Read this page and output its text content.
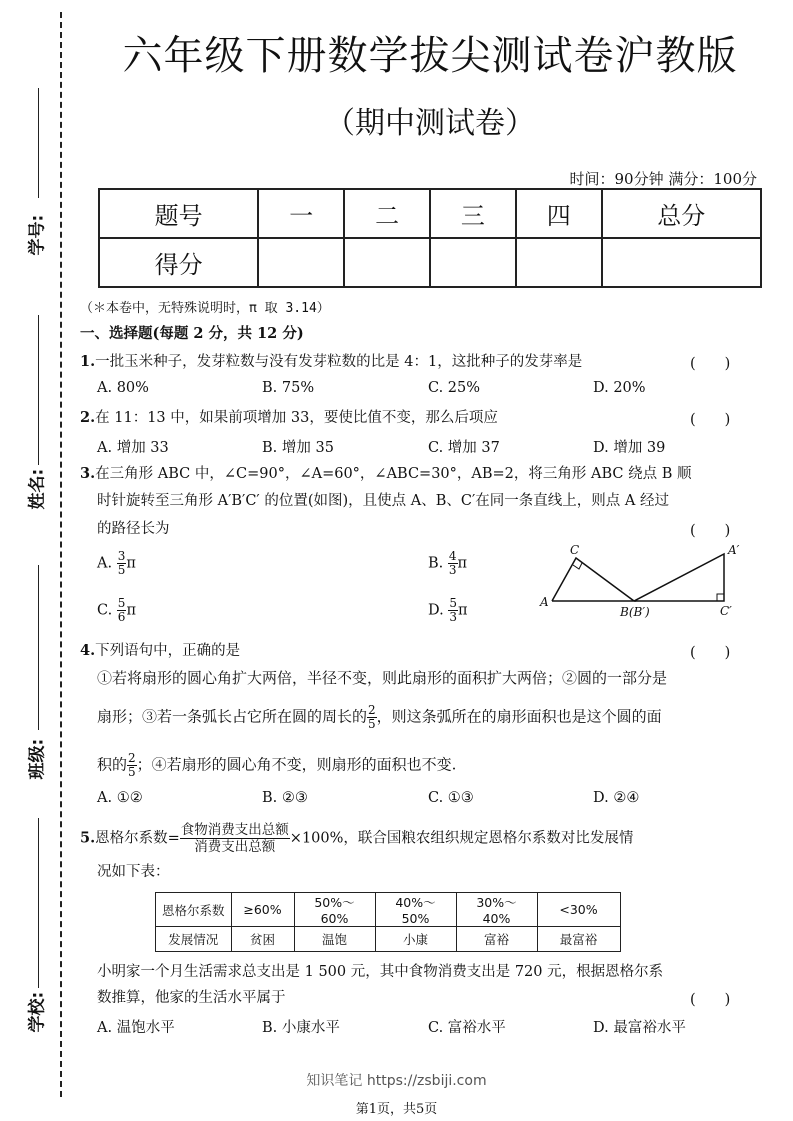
学号:
姓名:
班级:
学校:
六年级下册数学拔尖测试卷沪教版
（期中测试卷）
时间：90分钟 满分：100分
题号	一	二	三	四	总分
得分					
（＊本卷中，无特殊说明时，π 取 3.14）
一、选择题(每题 2 分，共 12 分)
1.一批玉米种子，发芽粒数与没有发芽粒数的比是 4：1，这批种子的发芽率是	(　　)
A. 80%	B. 75%	C. 25%	D. 20%
2.在 11：13 中，如果前项增加 33，要使比值不变，那么后项应	(　　)
A. 增加 33	B. 增加 35	C. 增加 37	D. 增加 39
3.在三角形 ABC 中，∠C=90°，∠A=60°，∠ABC=30°，AB=2，将三角形 ABC 绕点 B 顺
时针旋转至三角形 A′B′C′ 的位置(如图)，且使点 A、B、C′在同一条直线上，则点 A 经过
的路径长为	(　　)
A. $\frac{3}{5}$ π	B. $\frac{4}{3}$ π
C. $\frac{5}{6}$ π	D. $\frac{5}{3}$ π
C
A
B(B′)
A′
C′
4.下列语句中，正确的是	(　　)
①若将扇形的圆心角扩大两倍，半径不变，则此扇形的面积扩大两倍；②圆的一部分是
扇形；③若一条弧长占它所在圆的周长的 $\frac{2}{5}$ ，则这条弧所在的扇形面积也是这个圆的面
积的 $\frac{2}{5}$ ；④若扇形的圆心角不变，则扇形的面积也不变.
A. ①②	B. ②③	C. ①③	D. ②④
5.恩格尔系数= $\frac{\text{食物消费支出总额}}{\text{消费支出总额}} \times 100\%$，联合国粮农组织规定恩格尔系数对比发展情
况如下表：
恩格尔系数	≥60%	50%～60%	40%～50%	30%～40%	<30%
发展情况	贫困	温饱	小康	富裕	最富裕
小明家一个月生活需求总支出是 1 500 元，其中食物消费支出是 720 元，根据恩格尔系
数推算，他家的生活水平属于	(　　)
A. 温饱水平	B. 小康水平	C. 富裕水平	D. 最富裕水平
知识笔记 https://zsbiji.com
第1页，共5页
